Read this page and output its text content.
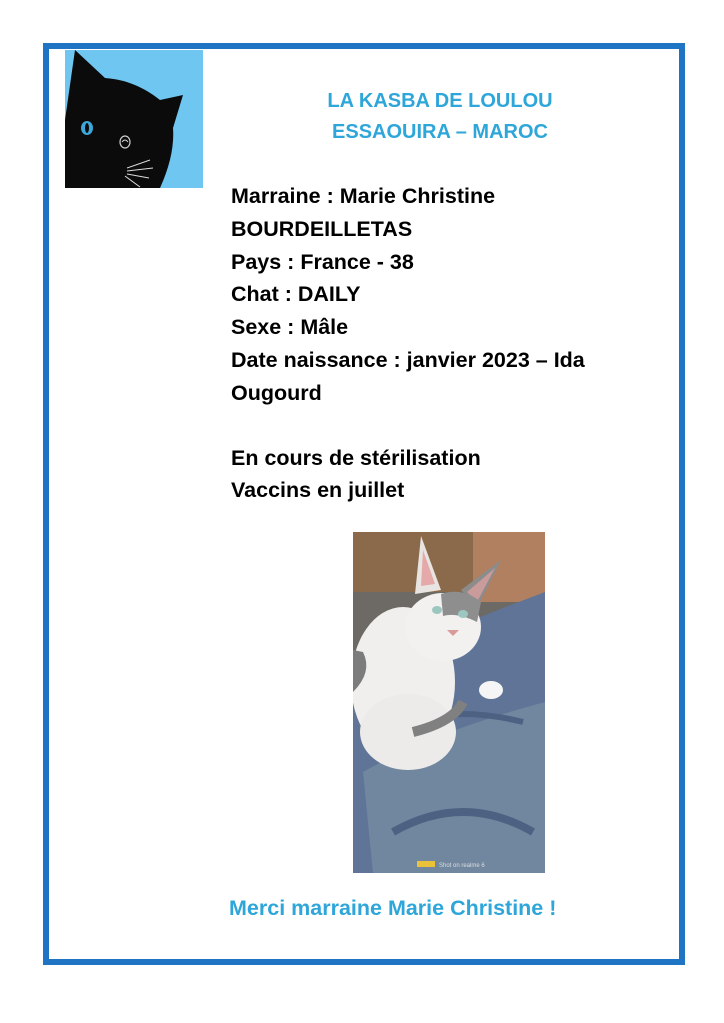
LA KASBA DE LOULOU
ESSAOUIRA – MAROC
Marraine : Marie Christine
BOURDEILLETAS
Pays : France - 38
Chat : DAILY
Sexe : Mâle
Date naissance : janvier 2023 – Ida
Ougourd
En cours de stérilisation
Vaccins en juillet
Shot on realme 6
Merci marraine Marie Christine !
